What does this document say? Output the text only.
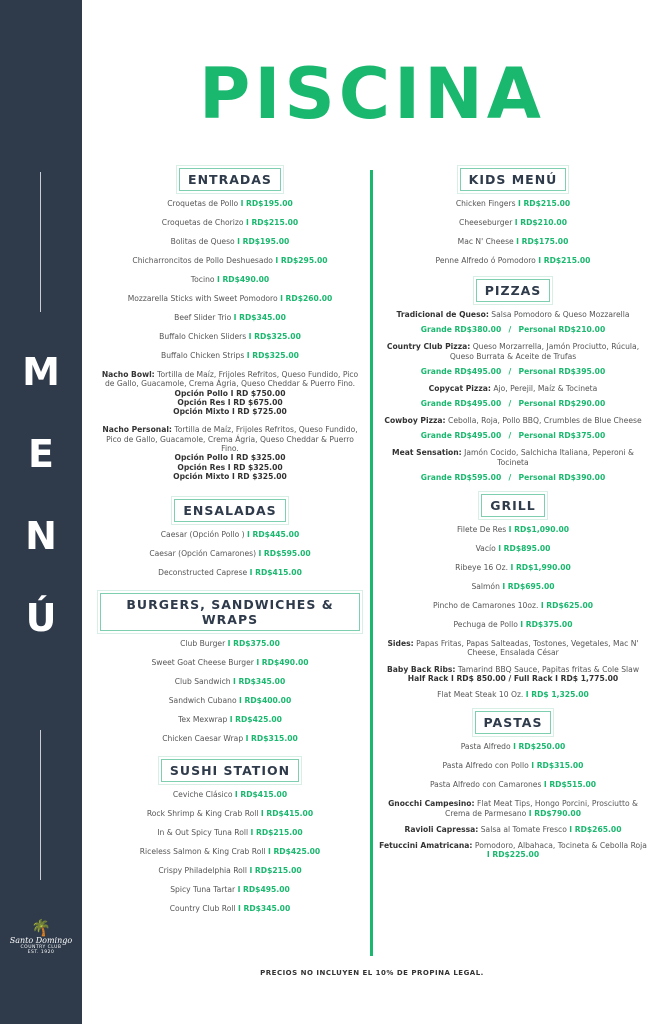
M
E
N
Ú
🌴
Santo Domingo
COUNTRY CLUB
EST. 1920
PISCINA
ENTRADAS
Croquetas de Pollo I RD$195.00
Croquetas de Chorizo I RD$215.00
Bolitas de Queso I RD$195.00
Chicharroncitos de Pollo Deshuesado I RD$295.00
Tocino I RD$490.00
Mozzarella Sticks with Sweet Pomodoro I RD$260.00
Beef Slider Trio I RD$345.00
Buffalo Chicken Sliders I RD$325.00
Buffalo Chicken Strips I RD$325.00
Nacho Bowl: Tortilla de Maíz, Frijoles Refritos, Queso Fundido, Pico de Gallo, Guacamole, Crema Ágria, Queso Cheddar & Puerro Fino.
Opción Pollo I RD $750.00
Opción Res I RD $675.00
Opción Mixto I RD $725.00
Nacho Personal: Tortilla de Maíz, Frijoles Refritos, Queso Fundido, Pico de Gallo, Guacamole, Crema Ágria, Queso Cheddar & Puerro Fino.
Opción Pollo I RD $325.00
Opción Res I RD $325.00
Opción Mixto I RD $325.00
ENSALADAS
Caesar (Opción Pollo ) I RD$445.00
Caesar (Opción Camarones) I RD$595.00
Deconstructed Caprese I RD$415.00
BURGERS, SANDWICHES & WRAPS
Club Burger I RD$375.00
Sweet Goat Cheese Burger I RD$490.00
Club Sandwich I RD$345.00
Sandwich Cubano I RD$400.00
Tex Mexwrap I RD$425.00
Chicken Caesar Wrap I RD$315.00
SUSHI STATION
Ceviche Clásico I RD$415.00
Rock Shrimp & King Crab Roll I RD$415.00
In & Out Spicy Tuna Roll I RD$215.00
Riceless Salmon & King Crab Roll I RD$425.00
Crispy Philadelphia Roll I RD$215.00
Spicy Tuna Tartar I RD$495.00
Country Club Roll I RD$345.00
KIDS MENÚ
Chicken Fingers I RD$215.00
Cheeseburger I RD$210.00
Mac N' Cheese I RD$175.00
Penne Alfredo ó Pomodoro I RD$215.00
PIZZAS
Tradicional de Queso: Salsa Pomodoro & Queso Mozzarella
Grande RD$380.00 / Personal RD$210.00
Country Club Pizza: Queso Morzarrella, Jamón Prociutto, Rúcula, Queso Burrata & Aceite de Trufas
Grande RD$495.00 / Personal RD$395.00
Copycat Pizza: Ajo, Perejil, Maíz & Tocineta
Grande RD$495.00 / Personal RD$290.00
Cowboy Pizza: Cebolla, Roja, Pollo BBQ, Crumbles de Blue Cheese
Grande RD$495.00 / Personal RD$375.00
Meat Sensation: Jamón Cocido, Salchicha Italiana, Peperoni & Tocineta
Grande RD$595.00 / Personal RD$390.00
GRILL
Filete De Res I RD$1,090.00
Vacío I RD$895.00
Ribeye 16 Oz. I RD$1,990.00
Salmón I RD$695.00
Pincho de Camarones 10oz. I RD$625.00
Pechuga de Pollo I RD$375.00
Sides: Papas Fritas, Papas Salteadas, Tostones, Vegetales, Mac N' Cheese, Ensalada César
Baby Back Ribs: Tamarind BBQ Sauce, Papitas fritas & Cole Slaw
Half Rack I RD$ 850.00 / Full Rack I RD$ 1,775.00
Flat Meat Steak 10 Oz. I RD$ 1,325.00
PASTAS
Pasta Alfredo I RD$250.00
Pasta Alfredo con Pollo I RD$315.00
Pasta Alfredo con Camarones I RD$515.00
Gnocchi Campesino: Flat Meat Tips, Hongo Porcini, Prosciutto & Crema de Parmesano I RD$790.00
Ravioli Capressa: Salsa al Tomate Fresco I RD$265.00
Fetuccini Amatricana: Pomodoro, Albahaca, Tocineta & Cebolla Roja I RD$225.00
PRECIOS NO INCLUYEN EL 10% DE PROPINA LEGAL.
